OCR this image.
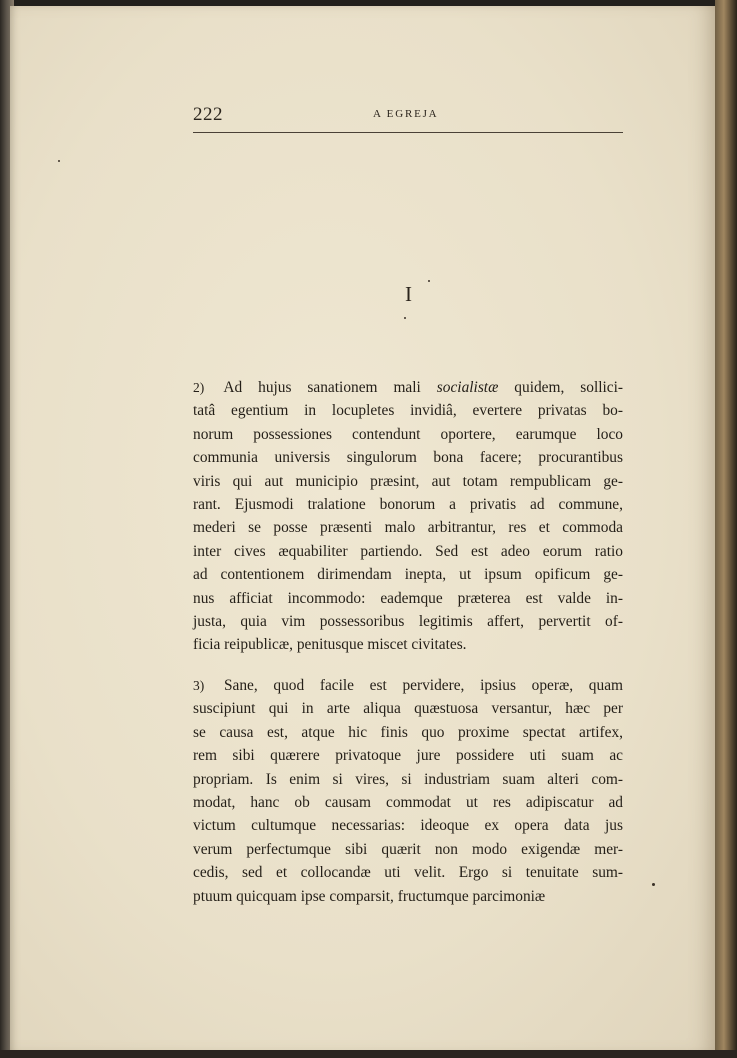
222	A EGREJA
I
2) Ad hujus sanationem mali socialistæ quidem, sollici-
tatâ egentium in locupletes invidiâ, evertere privatas bo-
norum possessiones contendunt oportere, earumque loco
communia universis singulorum bona facere; procurantibus
viris qui aut municipio præsint, aut totam rempublicam ge-
rant. Ejusmodi tralatione bonorum a privatis ad commune,
mederi se posse præsenti malo arbitrantur, res et commoda
inter cives æquabiliter partiendo. Sed est adeo eorum ratio
ad contentionem dirimendam inepta, ut ipsum opificum ge-
nus afficiat incommodo: eademque præterea est valde in-
justa, quia vim possessoribus legitimis affert, pervertit of-
ficia reipublicæ, penitusque miscet civitates.
3) Sane, quod facile est pervidere, ipsius operæ, quam
suscipiunt qui in arte aliqua quæstuosa versantur, hæc per
se causa est, atque hic finis quo proxime spectat artifex,
rem sibi quærere privatoque jure possidere uti suam ac
propriam. Is enim si vires, si industriam suam alteri com-
modat, hanc ob causam commodat ut res adipiscatur ad
victum cultumque necessarias: ideoque ex opera data jus
verum perfectumque sibi quærit non modo exigendæ mer-
cedis, sed et collocandæ uti velit. Ergo si tenuitate sum-
ptuum quicquam ipse comparsit, fructumque parcimoniæ
